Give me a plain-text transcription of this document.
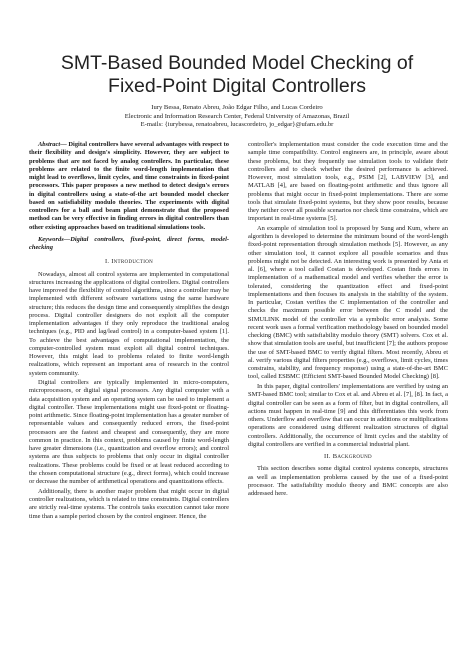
SMT-Based Bounded Model Checking of
Fixed-Point Digital Controllers
Iury Bessa, Renato Abreu, João Edgar Filho, and Lucas Cordeiro
Electronic and Information Research Center, Federal University of Amazonas, Brazil
E-mails: {iurybessa, renatoabreu, lucascordeiro, jo_edgar}@ufam.edu.br

Abstract— Digital controllers have several advantages with respect to their flexibility and design's simplicity. However, they are subject to problems that are not faced by analog controllers. In particular, these problems are related to the finite word-length implementation that might lead to overflows, limit cycles, and time constraints in fixed-point processors. This paper proposes a new method to detect design's errors in digital controllers using a state-of-the art bounded model checker based on satisfiability modulo theories. The experiments with digital controllers for a ball and beam plant demonstrate that the proposed method can be very effective in finding errors in digital controllers than other existing approaches based on traditional simulations tools.

Keywords—Digital controllers, fixed-point, direct forms, model-checking

I. Introduction

Nowadays, almost all control systems are implemented in computational structures increasing the applications of digital controllers. Digital controllers have improved the flexibility of control algorithms, since a controller may be implemented with different software variations using the same hardware structure; this reduces the design time and consequently simplifies the design process. Digital controller designers do not exploit all the computer implementation advantages if they only reproduce the traditional analog techniques (e.g., PID and lag/lead control) in a computer-based system [1]. To achieve the best advantages of computational implementation, the computer-controlled system must exploit all digital control techniques. However, this might lead to problems related to finite word-length realizations, which represent an important area of research in the control system community.

Digital controllers are typically implemented in micro-computers, microprocessors, or digital signal processors. Any digital computer with a data acquisition system and an operating system can be used to implement a digital controller. These implementations might use fixed-point or floating-point arithmetic. Since floating-point implementation has a greater number of representable values and consequently reduced errors, the fixed-point processors are the fastest and cheapest and consequently, they are more common in practice. In this context, problems caused by finite word-length have greater dimensions (i.e., quantization and overflow errors); and control systems are thus subjects to problems that only occur in digital controller realizations. These problems could be fixed or at least reduced according to the chosen computational structure (e.g., direct forms), which could increase or decrease the number of arithmetical operations and quantizations effects.

Additionally, there is another major problem that might occur in digital controller realizations, which is related to time constraints. Digital controllers are strictly real-time systems. The controls tasks execution cannot take more time than a sample period chosen by the control engineer. Hence, the

controller's implementation must consider the code execution time and the sample time compatibility. Control engineers are, in principle, aware about these problems, but they frequently use simulation tools to validate their controllers and to check whether the desired performance is achieved. However, most simulation tools, e.g., PSIM [2], LABVIEW [3], and MATLAB [4], are based on floating-point arithmetic and thus ignore all problems that might occur in fixed-point implementations. There are some tools that simulate fixed-point systems, but they show poor results, because they neither cover all possible scenarios nor check time constrains, which are important in real-time systems [5].

An example of simulation tool is proposed by Sung and Kum, where an algorithm is developed to determine the minimum bound of the word-length fixed-point representation through simulation methods [5]. However, as any other simulation tool, it cannot explore all possible scenarios and thus problems might not be detected. An interesting work is presented by Anta et al. [6], where a tool called Costan is developed. Costan finds errors in implementation of a mathematical model and verifies whether the error is tolerated, considering the quantization effect and fixed-point implementations and then focuses its analysis in the stability of the system. In particular, Costan verifies the C implementation of the controller and checks the maximum possible error between the C model and the SIMULINK model of the controller via a symbolic error analysis. Some recent work uses a formal verification methodology based on bounded model checking (BMC) with satisfiability modulo theory (SMT) solvers. Cox et al. show that simulation tools are useful, but insufficient [7]; the authors propose the use of SMT-based BMC to verify digital filters. Most recently, Abreu et al. verify various digital filters properties (e.g., overflows, limit cycles, times constrains, stability, and frequency response) using a state-of-the-art BMC tool, called ESBMC (Efficient SMT-based Bounded Model Checking) [8].

In this paper, digital controllers' implementations are verified by using an SMT-based BMC tool; similar to Cox et al. and Abreu et al. [7], [8]. In fact, a digital controller can be seen as a form of filter, but in digital controllers, all actions must happen in real-time [9] and this differentiates this work from others. Underflow and overflow that can occur in additions or multiplications operations are considered using different realization structures of digital controllers. Additionally, the occurrence of limit cycles and the stability of digital controllers are verified in a commercial industrial plant.

II. Background

This section describes some digital control systems concepts, structures as well as implementation problems caused by the use of a fixed-point processor. The satisfiability modulo theory and BMC concepts are also addressed here.
